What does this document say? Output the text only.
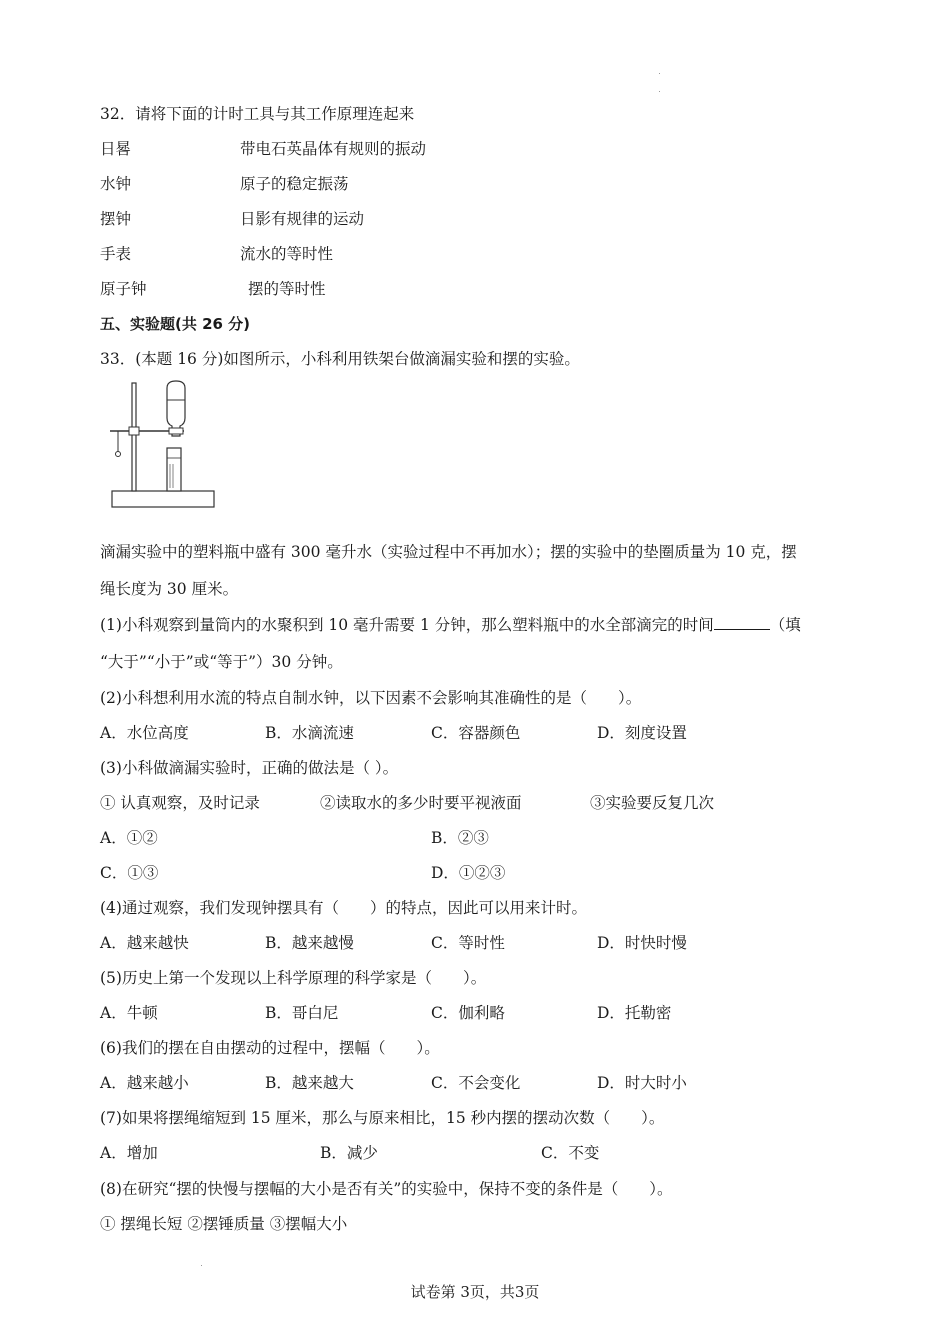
32．请将下面的计时工具与其工作原理连起来
日晷	带电石英晶体有规则的振动
水钟	原子的稳定振荡
摆钟	日影有规律的运动
手表	流水的等时性
原子钟	摆的等时性
五、实验题(共 26 分)
33．(本题 16 分)如图所示，小科利用铁架台做滴漏实验和摆的实验。
滴漏实验中的塑料瓶中盛有 300 毫升水（实验过程中不再加水）；摆的实验中的垫圈质量为 10 克，摆
绳长度为 30 厘米。
(1)小科观察到量筒内的水聚积到 10 毫升需要 1 分钟，那么塑料瓶中的水全部滴完的时间	（填
“大于”“小于”或“等于”）30 分钟。
(2)小科想利用水流的特点自制水钟，以下因素不会影响其准确性的是（　　）。
A．水位高度	B．水滴流速	C．容器颜色	D．刻度设置
(3)小科做滴漏实验时，正确的做法是（ ）。
① 认真观察，及时记录	②读取水的多少时要平视液面	③实验要反复几次
A．①②	B．②③
C．①③	D．①②③
(4)通过观察，我们发现钟摆具有（　　）的特点，因此可以用来计时。
A．越来越快	B．越来越慢	C．等时性	D．时快时慢
(5)历史上第一个发现以上科学原理的科学家是（　　）。
A．牛顿	B．哥白尼	C．伽利略	D．托勒密
(6)我们的摆在自由摆动的过程中，摆幅（　　）。
A．越来越小	B．越来越大	C．不会变化	D．时大时小
(7)如果将摆绳缩短到 15 厘米，那么与原来相比，15 秒内摆的摆动次数（　　）。
A．增加	B．减少	C．不变
(8)在研究“摆的快慢与摆幅的大小是否有关”的实验中，保持不变的条件是（　　）。
① 摆绳长短 ②摆锤质量 ③摆幅大小
试卷第 3页，共3页
